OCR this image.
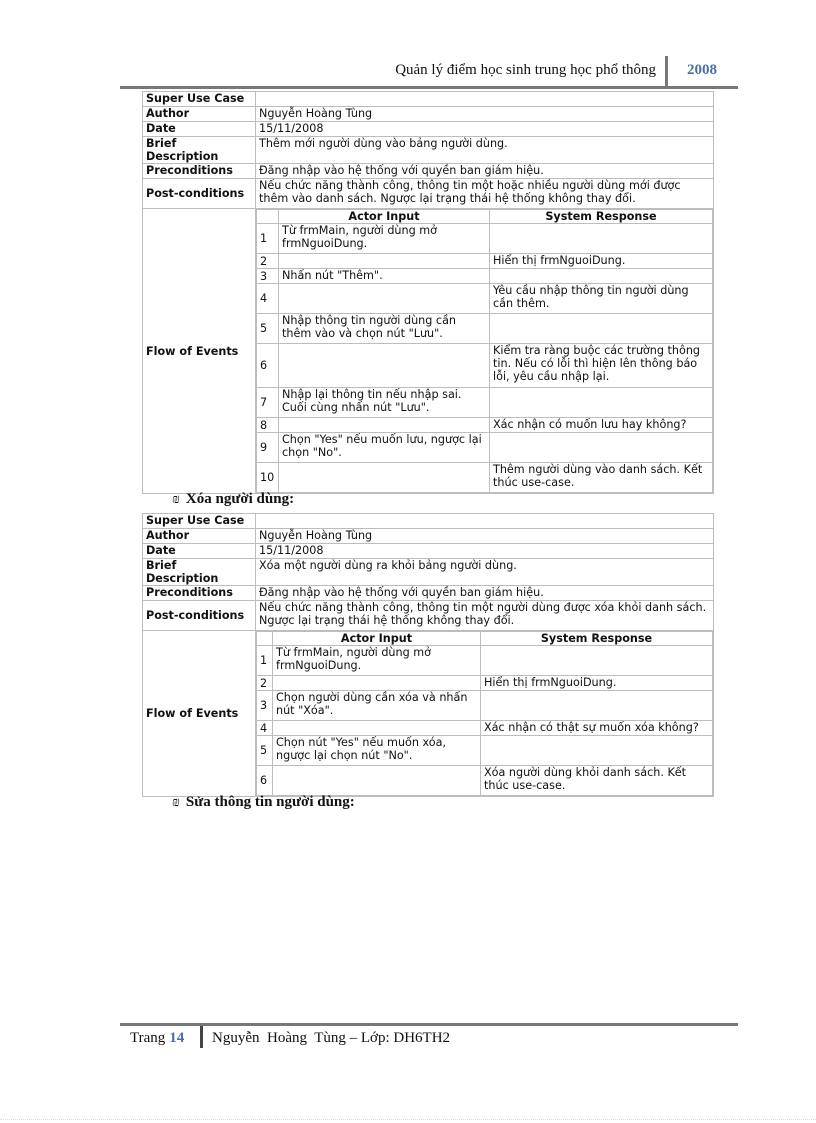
Quản lý điểm học sinh trung học phổ thông	2008
Super Use Case	
Author	Nguyễn Hoàng Tùng
Date	15/11/2008
Brief Description	Thêm mới người dùng vào bảng người dùng.
Preconditions	Đăng nhập vào hệ thống với quyền ban giám hiệu.
Post-conditions	Nếu chức năng thành công, thông tin một hoặc nhiều người dùng mới được thêm vào danh sách. Ngược lại trạng thái hệ thống không thay đổi.
Flow of Events	
	Actor Input	System Response
1	Từ frmMain, người dùng mở frmNguoiDung.	
2		Hiển thị frmNguoiDung.
3	Nhấn nút "Thêm".	
4		Yêu cầu nhập thông tin người dùng cần thêm.
5	Nhập thông tin người dùng cần thêm vào và chọn nút "Lưu".	
6		Kiểm tra ràng buộc các trường thông tin. Nếu có lỗi thì hiện lên thông báo lỗi, yêu cầu nhập lại.
7	Nhập lại thông tin nếu nhập sai. Cuối cùng nhấn nút "Lưu".	
8		Xác nhận có muốn lưu hay không?
9	Chọn "Yes" nếu muốn lưu, ngược lại chọn "No".	
10		Thêm người dùng vào danh sách. Kết thúc use-case.
₪ Xóa người dùng:
Super Use Case	
Author	Nguyễn Hoàng Tùng
Date	15/11/2008
Brief Description	Xóa một người dùng ra khỏi bảng người dùng.
Preconditions	Đăng nhập vào hệ thống với quyền ban giám hiệu.
Post-conditions	Nếu chức năng thành công, thông tin một người dùng được xóa khỏi danh sách. Ngược lại trạng thái hệ thống không thay đổi.
Flow of Events	
	Actor Input	System Response
1	Từ frmMain, người dùng mở frmNguoiDung.	
2		Hiển thị frmNguoiDung.
3	Chọn người dùng cần xóa và nhấn nút "Xóa".	
4		Xác nhận có thật sự muốn xóa không?
5	Chọn nút "Yes" nếu muốn xóa, ngược lại chọn nút "No".	
6		Xóa người dùng khỏi danh sách. Kết thúc use-case.
₪ Sửa thông tin người dùng:
Trang 14 Nguyễn  Hoàng  Tùng – Lớp: DH6TH2
